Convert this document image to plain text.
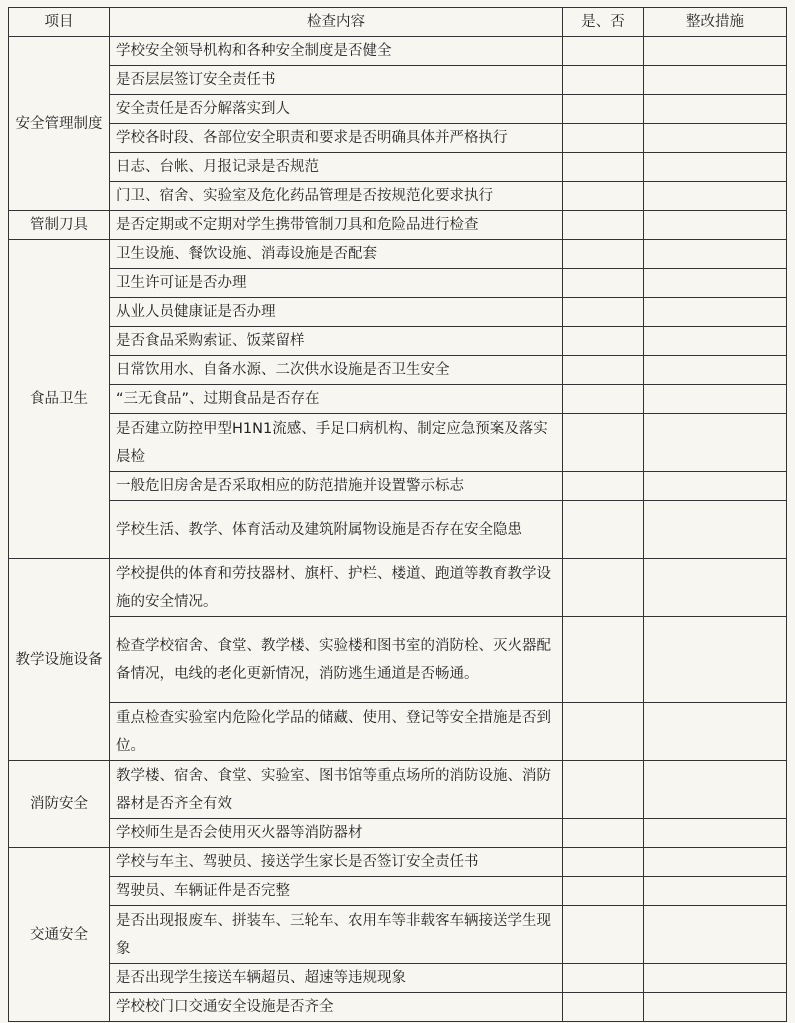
项目	检查内容	是、否	整改措施
安全管理制度	学校安全领导机构和各种安全制度是否健全		
	是否层层签订安全责任书		
	安全责任是否分解落实到人		
	学校各时段、各部位安全职责和要求是否明确具体并严格执行		
	日志、台帐、月报记录是否规范		
	门卫、宿舍、实验室及危化药品管理是否按规范化要求执行		
管制刀具	是否定期或不定期对学生携带管制刀具和危险品进行检查		
食品卫生	卫生设施、餐饮设施、消毒设施是否配套		
	卫生许可证是否办理		
	从业人员健康证是否办理		
	是否食品采购索证、饭菜留样		
	日常饮用水、自备水源、二次供水设施是否卫生安全		
	“三无食品”、过期食品是否存在		
	是否建立防控甲型H1N1流感、手足口病机构、制定应急预案及落实晨检		
	一般危旧房舍是否采取相应的防范措施并设置警示标志		
	学校生活、教学、体育活动及建筑附属物设施是否存在安全隐患		
教学设施设备	学校提供的体育和劳技器材、旗杆、护栏、楼道、跑道等教育教学设施的安全情况。		
	检查学校宿舍、食堂、教学楼、实验楼和图书室的消防栓、灭火器配备情况，电线的老化更新情况，消防逃生通道是否畅通。		
	重点检查实验室内危险化学品的储藏、使用、登记等安全措施是否到位。		
消防安全	教学楼、宿舍、食堂、实验室、图书馆等重点场所的消防设施、消防器材是否齐全有效		
	学校师生是否会使用灭火器等消防器材		
交通安全	学校与车主、驾驶员、接送学生家长是否签订安全责任书		
	驾驶员、车辆证件是否完整		
	是否出现报废车、拼装车、三轮车、农用车等非载客车辆接送学生现象		
	是否出现学生接送车辆超员、超速等违规现象		
	学校校门口交通安全设施是否齐全		
